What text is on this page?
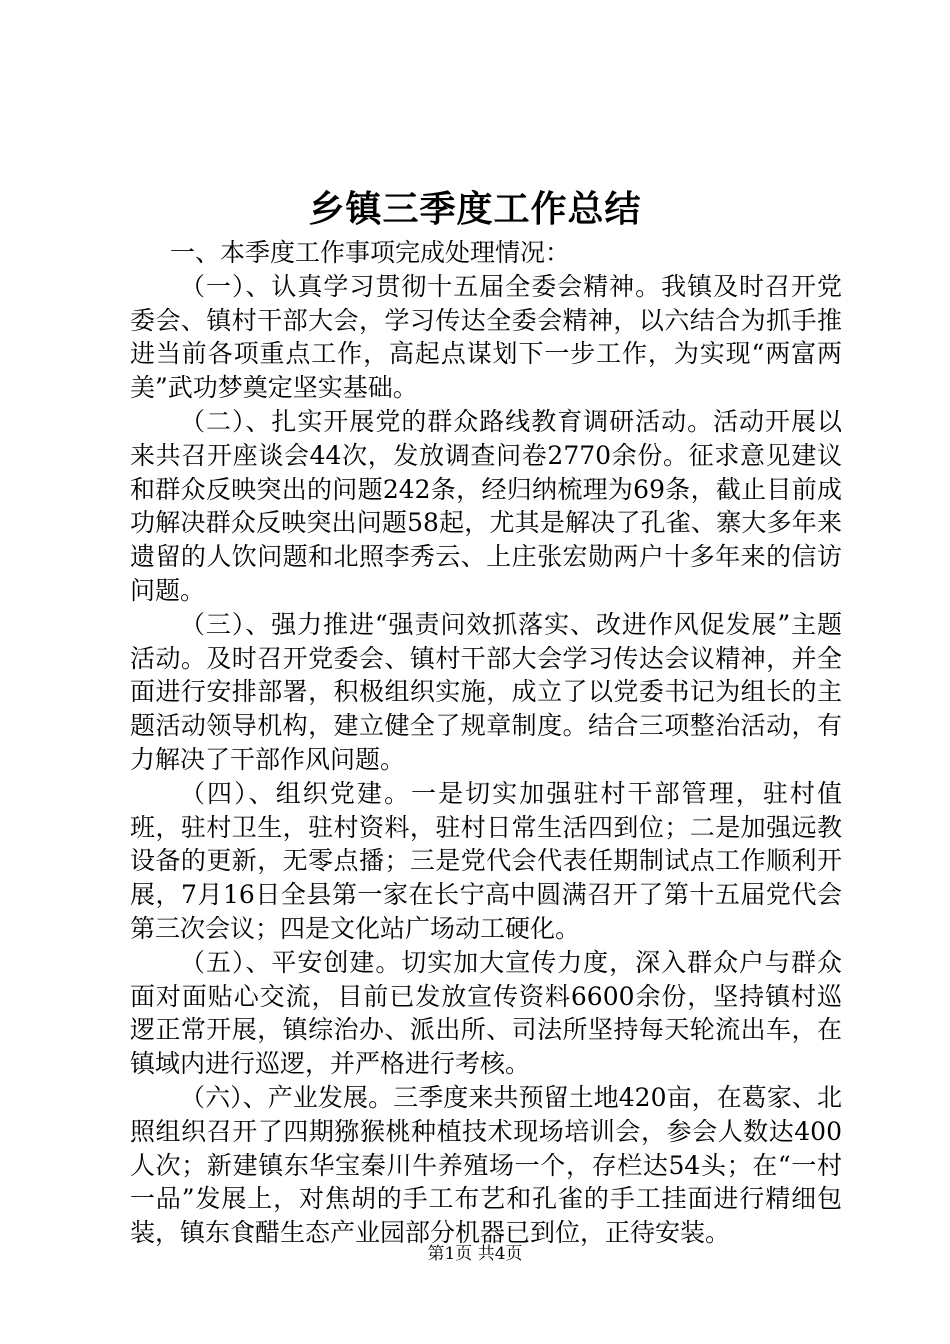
乡镇三季度工作总结

一、本季度工作事项完成处理情况：

（一）、认真学习贯彻十五届全委会精神。我镇及时召开党委会、镇村干部大会，学习传达全委会精神，以六结合为抓手推进当前各项重点工作，高起点谋划下一步工作，为实现“两富两美”武功梦奠定坚实基础。

（二）、扎实开展党的群众路线教育调研活动。活动开展以来共召开座谈会44次，发放调查问卷2770余份。征求意见建议和群众反映突出的问题242条，经归纳梳理为69条，截止目前成功解决群众反映突出问题58起，尤其是解决了孔雀、寨大多年来遗留的人饮问题和北照李秀云、上庄张宏勋两户十多年来的信访问题。

（三）、强力推进“强责问效抓落实、改进作风促发展”主题活动。及时召开党委会、镇村干部大会学习传达会议精神，并全面进行安排部署，积极组织实施，成立了以党委书记为组长的主题活动领导机构，建立健全了规章制度。结合三项整治活动，有力解决了干部作风问题。

（四）、组织党建。一是切实加强驻村干部管理，驻村值班，驻村卫生，驻村资料，驻村日常生活四到位；二是加强远教设备的更新，无零点播；三是党代会代表任期制试点工作顺利开展，7月16日全县第一家在长宁高中圆满召开了第十五届党代会第三次会议；四是文化站广场动工硬化。

（五）、平安创建。切实加大宣传力度，深入群众户与群众面对面贴心交流，目前已发放宣传资料6600余份，坚持镇村巡逻正常开展，镇综治办、派出所、司法所坚持每天轮流出车，在镇域内进行巡逻，并严格进行考核。

（六）、产业发展。三季度来共预留土地420亩，在葛家、北照组织召开了四期猕猴桃种植技术现场培训会，参会人数达400人次；新建镇东华宝秦川牛养殖场一个，存栏达54头；在“一村一品”发展上，对焦胡的手工布艺和孔雀的手工挂面进行精细包装，镇东食醋生态产业园部分机器已到位，正待安装。

第1页 共4页
